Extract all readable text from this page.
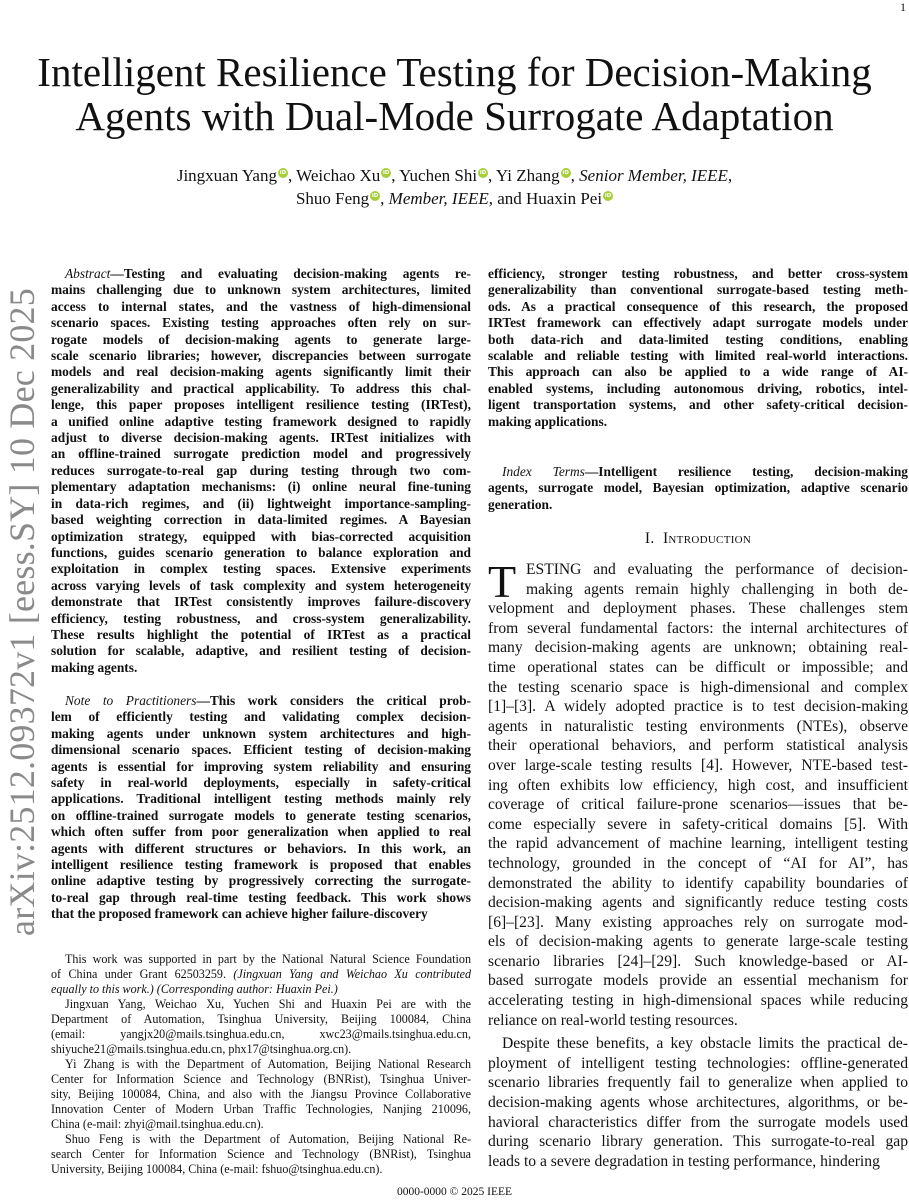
1
arXiv:2512.09372v1 [eess.SY] 10 Dec 2025
Intelligent Resilience Testing for Decision-Making
Agents with Dual-Mode Surrogate Adaptation
Jingxuan Yang iD , Weichao Xu iD , Yuchen Shi iD , Yi Zhang iD , Senior Member, IEEE,
Shuo Feng iD , Member, IEEE, and Huaxin Pei iD
Abstract—Testing and evaluating decision-making agents re-
mains challenging due to unknown system architectures, limited
access to internal states, and the vastness of high-dimensional
scenario spaces. Existing testing approaches often rely on sur-
rogate models of decision-making agents to generate large-
scale scenario libraries; however, discrepancies between surrogate
models and real decision-making agents significantly limit their
generalizability and practical applicability. To address this chal-
lenge, this paper proposes intelligent resilience testing (IRTest),
a unified online adaptive testing framework designed to rapidly
adjust to diverse decision-making agents. IRTest initializes with
an offline-trained surrogate prediction model and progressively
reduces surrogate-to-real gap during testing through two com-
plementary adaptation mechanisms: (i) online neural fine-tuning
in data-rich regimes, and (ii) lightweight importance-sampling-
based weighting correction in data-limited regimes. A Bayesian
optimization strategy, equipped with bias-corrected acquisition
functions, guides scenario generation to balance exploration and
exploitation in complex testing spaces. Extensive experiments
across varying levels of task complexity and system heterogeneity
demonstrate that IRTest consistently improves failure-discovery
efficiency, testing robustness, and cross-system generalizability.
These results highlight the potential of IRTest as a practical
solution for scalable, adaptive, and resilient testing of decision-
making agents.
Note to Practitioners—This work considers the critical prob-
lem of efficiently testing and validating complex decision-
making agents under unknown system architectures and high-
dimensional scenario spaces. Efficient testing of decision-making
agents is essential for improving system reliability and ensuring
safety in real-world deployments, especially in safety-critical
applications. Traditional intelligent testing methods mainly rely
on offline-trained surrogate models to generate testing scenarios,
which often suffer from poor generalization when applied to real
agents with different structures or behaviors. In this work, an
intelligent resilience testing framework is proposed that enables
online adaptive testing by progressively correcting the surrogate-
to-real gap through real-time testing feedback. This work shows
that the proposed framework can achieve higher failure-discovery
This work was supported in part by the National Natural Science Foundation
of China under Grant 62503259. (Jingxuan Yang and Weichao Xu contributed
equally to this work.) (Corresponding author: Huaxin Pei.)
Jingxuan Yang, Weichao Xu, Yuchen Shi and Huaxin Pei are with the
Department of Automation, Tsinghua University, Beijing 100084, China
(email: yangjx20@mails.tsinghua.edu.cn, xwc23@mails.tsinghua.edu.cn,
shiyuche21@mails.tsinghua.edu.cn, phx17@tsinghua.org.cn).
Yi Zhang is with the Department of Automation, Beijing National Research
Center for Information Science and Technology (BNRist), Tsinghua Univer-
sity, Beijing 100084, China, and also with the Jiangsu Province Collaborative
Innovation Center of Modern Urban Traffic Technologies, Nanjing 210096,
China (e-mail: zhyi@mail.tsinghua.edu.cn).
Shuo Feng is with the Department of Automation, Beijing National Re-
search Center for Information Science and Technology (BNRist), Tsinghua
University, Beijing 100084, China (e-mail: fshuo@tsinghua.edu.cn).
efficiency, stronger testing robustness, and better cross-system
generalizability than conventional surrogate-based testing meth-
ods. As a practical consequence of this research, the proposed
IRTest framework can effectively adapt surrogate models under
both data-rich and data-limited testing conditions, enabling
scalable and reliable testing with limited real-world interactions.
This approach can also be applied to a wide range of AI-
enabled systems, including autonomous driving, robotics, intel-
ligent transportation systems, and other safety-critical decision-
making applications.
Index Terms—Intelligent resilience testing, decision-making
agents, surrogate model, Bayesian optimization, adaptive scenario
generation.
I. Introduction
T ESTING and evaluating the performance of decision-
making agents remain highly challenging in both de-
velopment and deployment phases. These challenges stem
from several fundamental factors: the internal architectures of
many decision-making agents are unknown; obtaining real-
time operational states can be difficult or impossible; and
the testing scenario space is high-dimensional and complex
[1]–[3]. A widely adopted practice is to test decision-making
agents in naturalistic testing environments (NTEs), observe
their operational behaviors, and perform statistical analysis
over large-scale testing results [4]. However, NTE-based test-
ing often exhibits low efficiency, high cost, and insufficient
coverage of critical failure-prone scenarios—issues that be-
come especially severe in safety-critical domains [5]. With
the rapid advancement of machine learning, intelligent testing
technology, grounded in the concept of “AI for AI”, has
demonstrated the ability to identify capability boundaries of
decision-making agents and significantly reduce testing costs
[6]–[23]. Many existing approaches rely on surrogate mod-
els of decision-making agents to generate large-scale testing
scenario libraries [24]–[29]. Such knowledge-based or AI-
based surrogate models provide an essential mechanism for
accelerating testing in high-dimensional spaces while reducing
reliance on real-world testing resources.
Despite these benefits, a key obstacle limits the practical de-
ployment of intelligent testing technologies: offline-generated
scenario libraries frequently fail to generalize when applied to
decision-making agents whose architectures, algorithms, or be-
havioral characteristics differ from the surrogate models used
during scenario library generation. This surrogate-to-real gap
leads to a severe degradation in testing performance, hindering
0000-0000 © 2025 IEEE
